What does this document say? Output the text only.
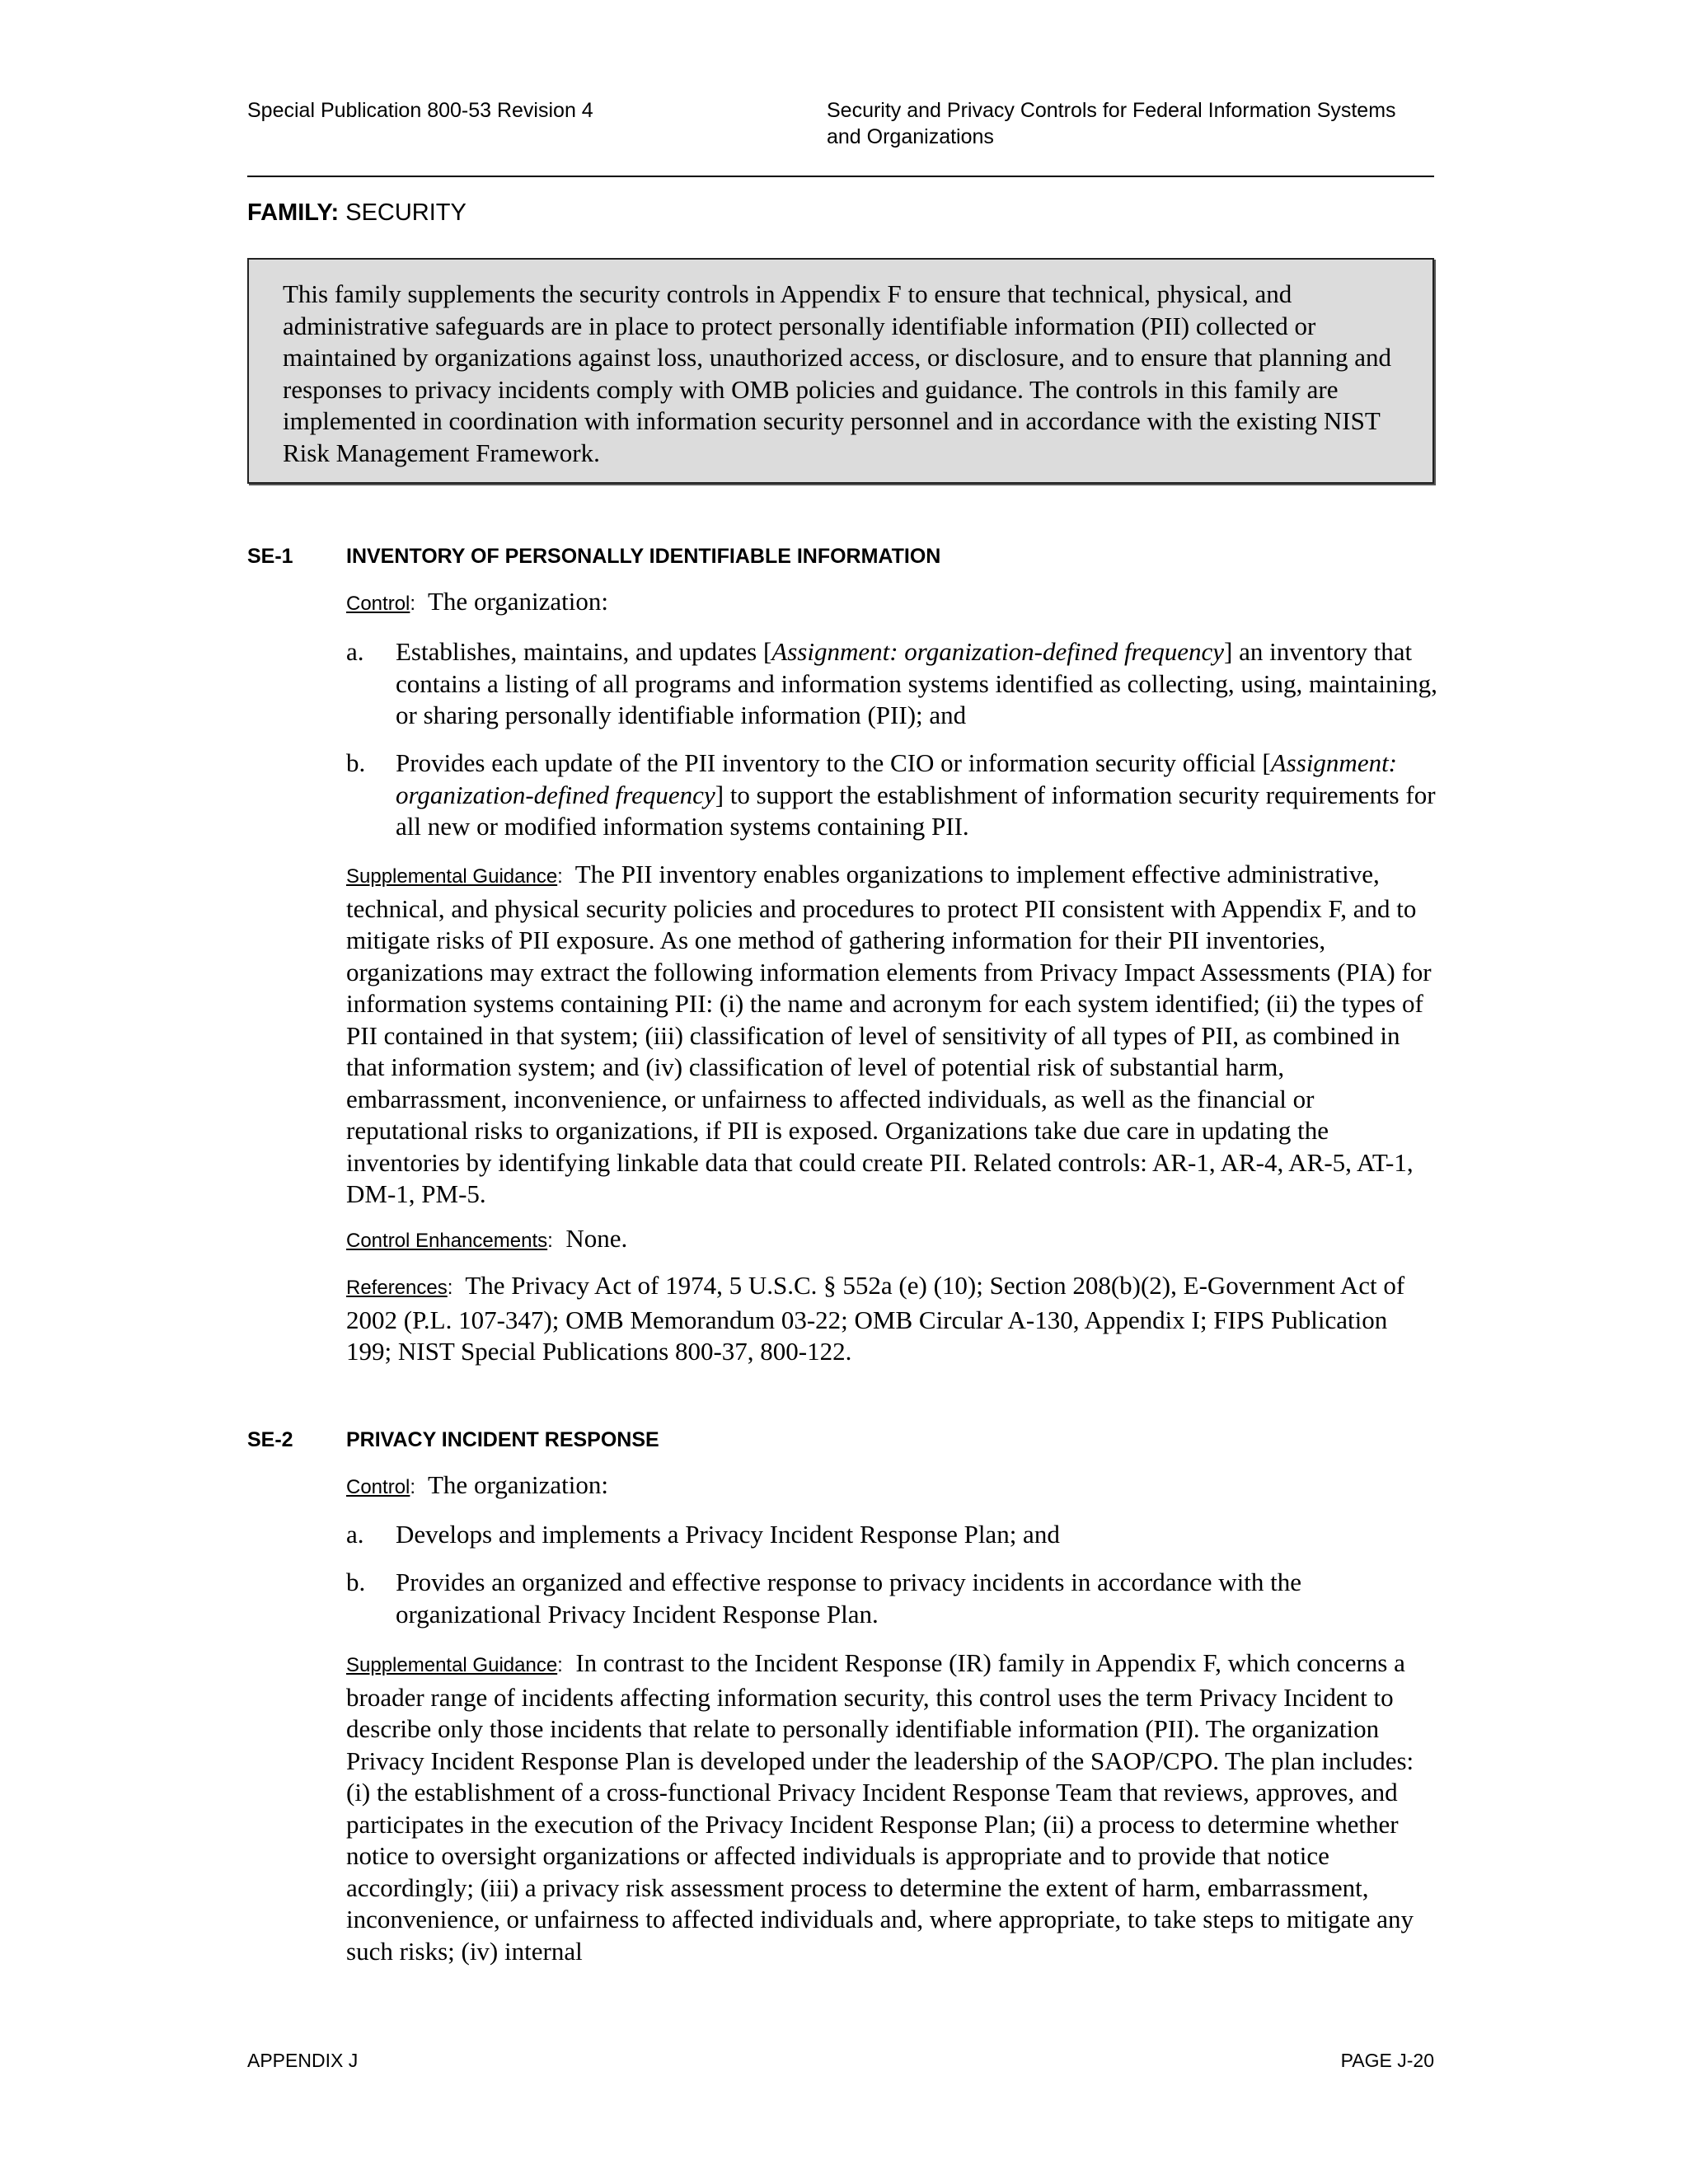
Special Publication 800-53 Revision 4	Security and Privacy Controls for Federal Information Systems
and Organizations
FAMILY: SECURITY

This family supplements the security controls in Appendix F to ensure that technical, physical, and administrative safeguards are in place to protect personally identifiable information (PII) collected or maintained by organizations against loss, unauthorized access, or disclosure, and to ensure that planning and responses to privacy incidents comply with OMB policies and guidance. The controls in this family are implemented in coordination with information security personnel and in accordance with the existing NIST Risk Management Framework.

SE-1	INVENTORY OF PERSONALLY IDENTIFIABLE INFORMATION

Control: The organization:

a. Establishes, maintains, and updates [Assignment: organization-defined frequency] an inventory that contains a listing of all programs and information systems identified as collecting, using, maintaining, or sharing personally identifiable information (PII); and
b. Provides each update of the PII inventory to the CIO or information security official [Assignment: organization-defined frequency] to support the establishment of information security requirements for all new or modified information systems containing PII.

Supplemental Guidance: The PII inventory enables organizations to implement effective administrative, technical, and physical security policies and procedures to protect PII consistent with Appendix F, and to mitigate risks of PII exposure. As one method of gathering information for their PII inventories, organizations may extract the following information elements from Privacy Impact Assessments (PIA) for information systems containing PII: (i) the name and acronym for each system identified; (ii) the types of PII contained in that system; (iii) classification of level of sensitivity of all types of PII, as combined in that information system; and (iv) classification of level of potential risk of substantial harm, embarrassment, inconvenience, or unfairness to affected individuals, as well as the financial or reputational risks to organizations, if PII is exposed. Organizations take due care in updating the inventories by identifying linkable data that could create PII. Related controls: AR-1, AR-4, AR-5, AT-1, DM-1, PM-5.

Control Enhancements: None.

References: The Privacy Act of 1974, 5 U.S.C. § 552a (e) (10); Section 208(b)(2), E-Government Act of 2002 (P.L. 107-347); OMB Memorandum 03-22; OMB Circular A-130, Appendix I; FIPS Publication 199; NIST Special Publications 800-37, 800-122.

SE-2	PRIVACY INCIDENT RESPONSE

Control: The organization:

a. Develops and implements a Privacy Incident Response Plan; and
b. Provides an organized and effective response to privacy incidents in accordance with the organizational Privacy Incident Response Plan.

Supplemental Guidance: In contrast to the Incident Response (IR) family in Appendix F, which concerns a broader range of incidents affecting information security, this control uses the term Privacy Incident to describe only those incidents that relate to personally identifiable information (PII). The organization Privacy Incident Response Plan is developed under the leadership of the SAOP/CPO. The plan includes: (i) the establishment of a cross-functional Privacy Incident Response Team that reviews, approves, and participates in the execution of the Privacy Incident Response Plan; (ii) a process to determine whether notice to oversight organizations or affected individuals is appropriate and to provide that notice accordingly; (iii) a privacy risk assessment process to determine the extent of harm, embarrassment, inconvenience, or unfairness to affected individuals and, where appropriate, to take steps to mitigate any such risks; (iv) internal

APPENDIX J	PAGE J-20
